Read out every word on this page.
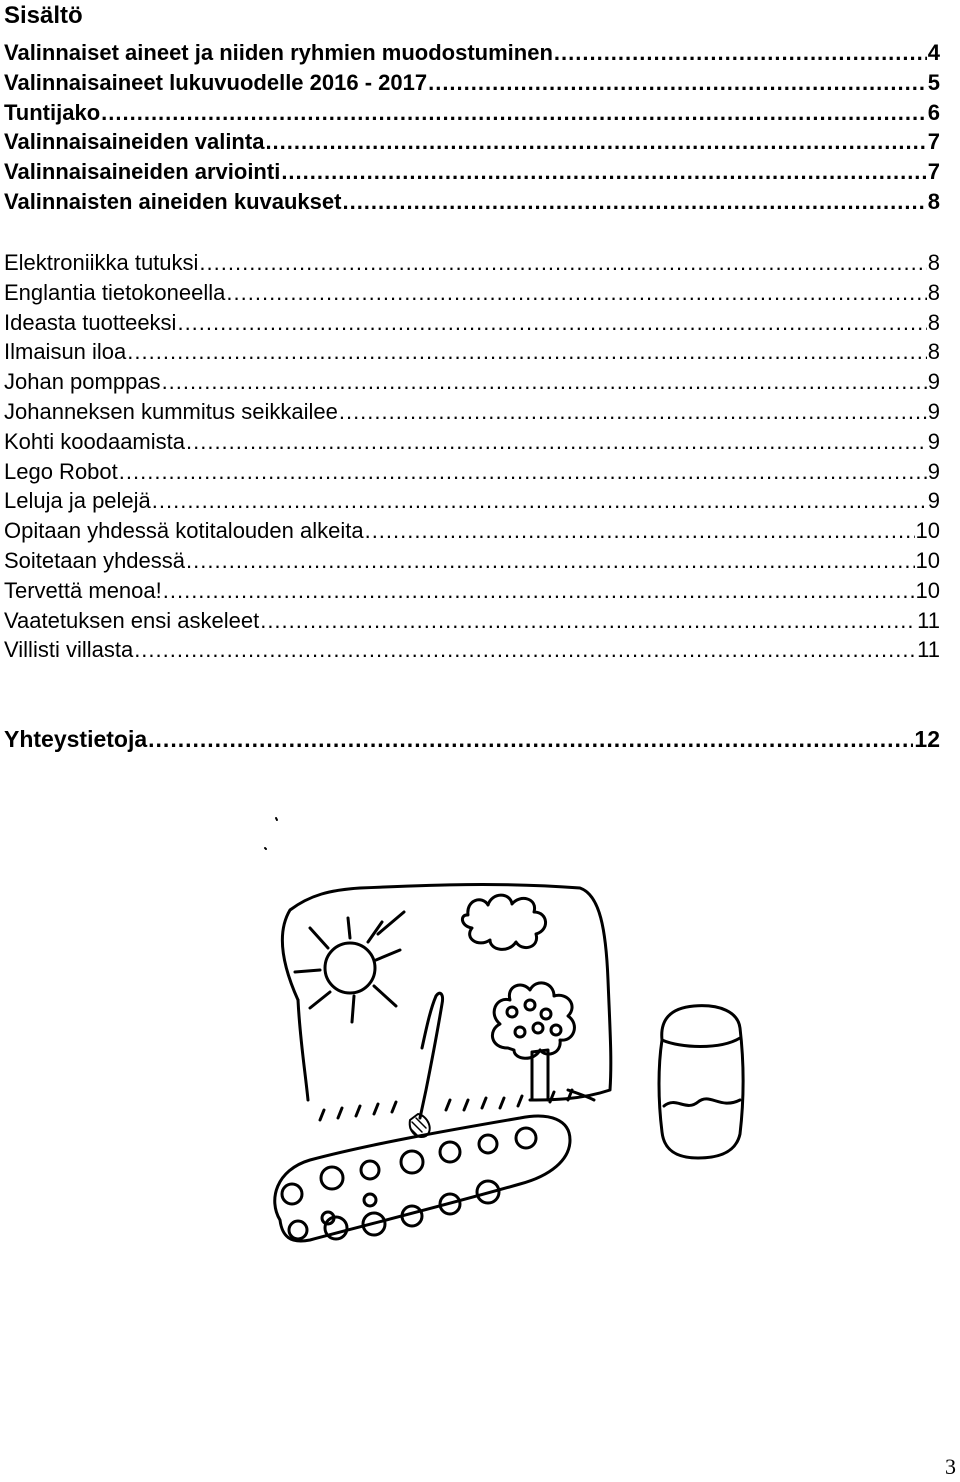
Sisältö
Valinnaiset aineet ja niiden ryhmien muodostuminen .....	4
Valinnaisaineet lukuvuodelle 2016 - 2017 .....	5
Tuntijako .....	6
Valinnaisaineiden valinta .....	7
Valinnaisaineiden arviointi .....	7
Valinnaisten aineiden kuvaukset .....	8
Elektroniikka tutuksi .....	8
Englantia tietokoneella .....	8
Ideasta tuotteeksi .....	8
Ilmaisun iloa .....	8
Johan pomppas .....	9
Johanneksen kummitus seikkailee .....	9
Kohti koodaamista .....	9
Lego Robot .....	9
Leluja ja pelejä .....	9
Opitaan yhdessä kotitalouden alkeita .....	10
Soitetaan yhdessä .....	10
Tervettä menoa! .....	10
Vaatetuksen ensi askeleet .....	11
Villisti villasta .....	11
Yhteystietoja .....	12
3
